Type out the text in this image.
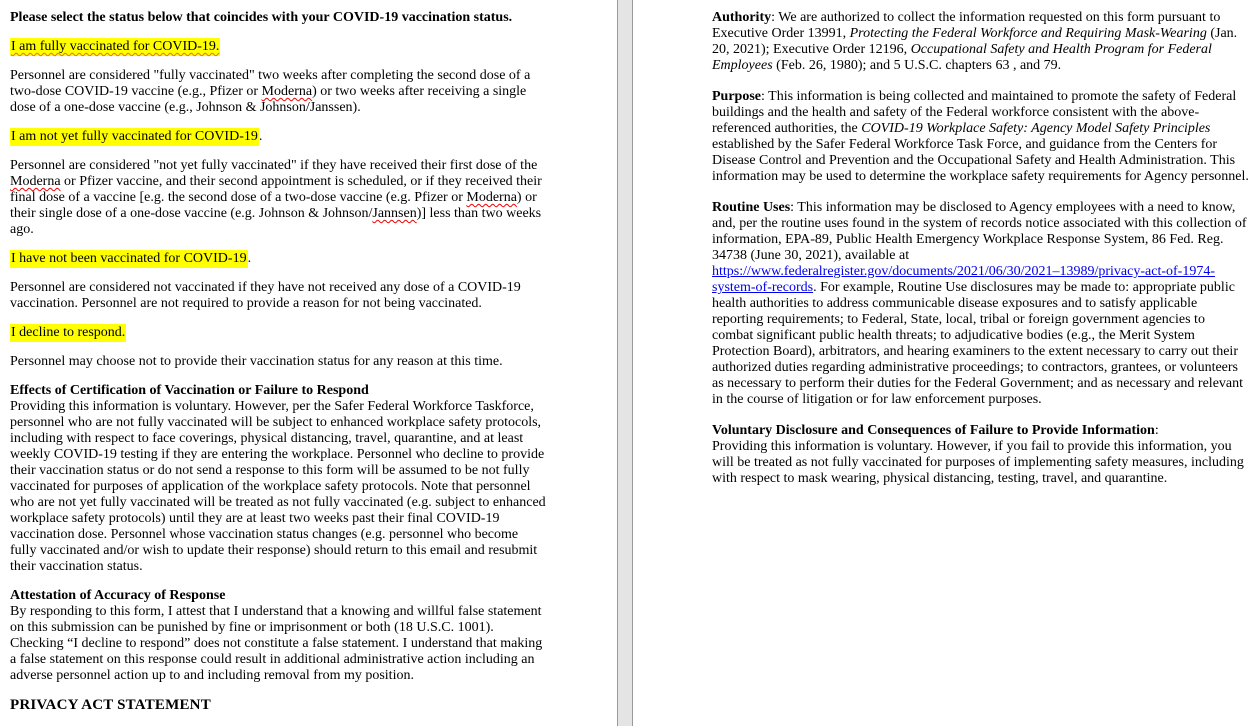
Please select the status below that coincides with your COVID-19 vaccination status.

I am fully vaccinated for COVID-19.

Personnel are considered "fully vaccinated" two weeks after completing the second dose of a two-dose COVID-19 vaccine (e.g., Pfizer or Moderna) or two weeks after receiving a single dose of a one-dose vaccine (e.g., Johnson & Johnson/Janssen).

I am not yet fully vaccinated for COVID-19.

Personnel are considered "not yet fully vaccinated" if they have received their first dose of the Moderna or Pfizer vaccine, and their second appointment is scheduled, or if they received their final dose of a vaccine [e.g. the second dose of a two-dose vaccine (e.g. Pfizer or Moderna) or their single dose of a one-dose vaccine (e.g. Johnson & Johnson/Jannsen)] less than two weeks ago.

I have not been vaccinated for COVID-19.

Personnel are considered not vaccinated if they have not received any dose of a COVID-19 vaccination. Personnel are not required to provide a reason for not being vaccinated.

I decline to respond.

Personnel may choose not to provide their vaccination status for any reason at this time.

Effects of Certification of Vaccination or Failure to Respond
Providing this information is voluntary. However, per the Safer Federal Workforce Taskforce, personnel who are not fully vaccinated will be subject to enhanced workplace safety protocols, including with respect to face coverings, physical distancing, travel, quarantine, and at least weekly COVID-19 testing if they are entering the workplace. Personnel who decline to provide their vaccination status or do not send a response to this form will be assumed to be not fully vaccinated for purposes of application of the workplace safety protocols. Note that personnel who are not yet fully vaccinated will be treated as not fully vaccinated (e.g. subject to enhanced workplace safety protocols) until they are at least two weeks past their final COVID-19 vaccination dose. Personnel whose vaccination status changes (e.g. personnel who become fully vaccinated and/or wish to update their response) should return to this email and resubmit their vaccination status.
Attestation of Accuracy of Response
By responding to this form, I attest that I understand that a knowing and willful false statement on this submission can be punished by fine or imprisonment or both (18 U.S.C. 1001). Checking “I decline to respond” does not constitute a false statement. I understand that making a false statement on this response could result in additional administrative action including an adverse personnel action up to and including removal from my position.
PRIVACY ACT STATEMENT

Authority: We are authorized to collect the information requested on this form pursuant to Executive Order 13991, Protecting the Federal Workforce and Requiring Mask-Wearing (Jan. 20, 2021); Executive Order 12196, Occupational Safety and Health Program for Federal Employees (Feb. 26, 1980); and 5 U.S.C. chapters 63 , and 79.

Purpose: This information is being collected and maintained to promote the safety of Federal buildings and the health and safety of the Federal workforce consistent with the above-referenced authorities, the COVID-19 Workplace Safety: Agency Model Safety Principles established by the Safer Federal Workforce Task Force, and guidance from the Centers for Disease Control and Prevention and the Occupational Safety and Health Administration. This information may be used to determine the workplace safety requirements for Agency personnel.

Routine Uses: This information may be disclosed to Agency employees with a need to know, and, per the routine uses found in the system of records notice associated with this collection of information, EPA-89, Public Health Emergency Workplace Response System, 86 Fed. Reg. 34738 (June 30, 2021), available at https://www.federalregister.gov/documents/2021/06/30/2021–13989/privacy-act-of-1974-system-of-records. For example, Routine Use disclosures may be made to: appropriate public health authorities to address communicable disease exposures and to satisfy applicable reporting requirements; to Federal, State, local, tribal or foreign government agencies to combat significant public health threats; to adjudicative bodies (e.g., the Merit System Protection Board), arbitrators, and hearing examiners to the extent necessary to carry out their authorized duties regarding administrative proceedings; to contractors, grantees, or volunteers as necessary to perform their duties for the Federal Government; and as necessary and relevant in the course of litigation or for law enforcement purposes.

Voluntary Disclosure and Consequences of Failure to Provide Information:
Providing this information is voluntary. However, if you fail to provide this information, you will be treated as not fully vaccinated for purposes of implementing safety measures, including with respect to mask wearing, physical distancing, testing, travel, and quarantine.
